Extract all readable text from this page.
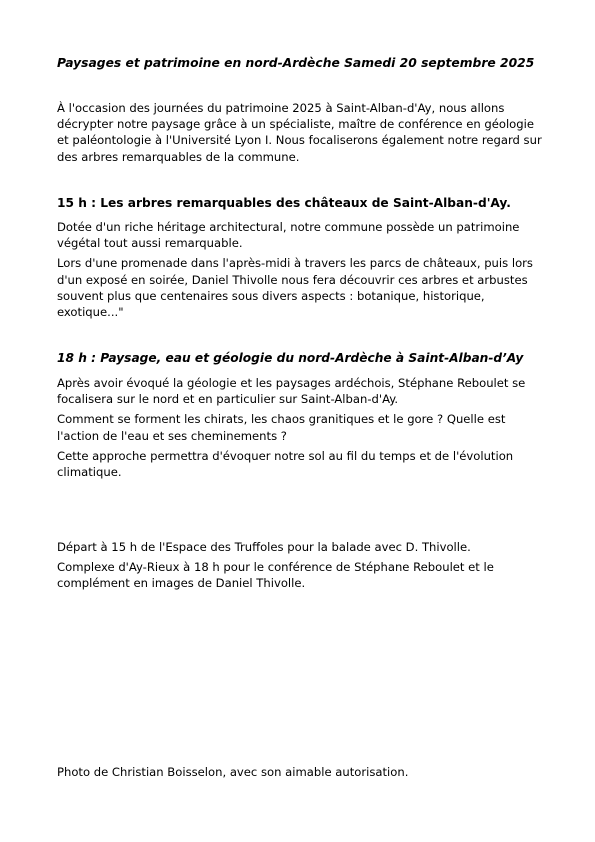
Paysages et patrimoine en nord-Ardèche Samedi 20 septembre 2025

À l'occasion des journées du patrimoine 2025 à Saint-Alban-d'Ay, nous allons décrypter notre paysage grâce à un spécialiste, maître de conférence en géologie et paléontologie à l'Université Lyon I. Nous focaliserons également notre regard sur des arbres remarquables de la commune.

15 h : Les arbres remarquables des châteaux de Saint-Alban-d'Ay.

Dotée d'un riche héritage architectural, notre commune possède un patrimoine végétal tout aussi remarquable.

Lors d'une promenade dans l'après-midi à travers les parcs de châteaux, puis lors d'un exposé en soirée, Daniel Thivolle nous fera découvrir ces arbres et arbustes souvent plus que centenaires sous divers aspects : botanique, historique, exotique..."

18 h : Paysage, eau et géologie du nord-Ardèche à Saint-Alban-d’Ay

Après avoir évoqué la géologie et les paysages ardéchois, Stéphane Reboulet se focalisera sur le nord et en particulier sur Saint-Alban-d'Ay.

Comment se forment les chirats, les chaos granitiques et le gore ? Quelle est l'action de l'eau et ses cheminements ?

Cette approche permettra d'évoquer notre sol au fil du temps et de l'évolution climatique.

Départ à 15 h de l'Espace des Truffoles pour la balade avec D. Thivolle.

Complexe d'Ay-Rieux à 18 h pour le conférence de Stéphane Reboulet et le complément en images de Daniel Thivolle.

Photo de Christian Boisselon, avec son aimable autorisation.
